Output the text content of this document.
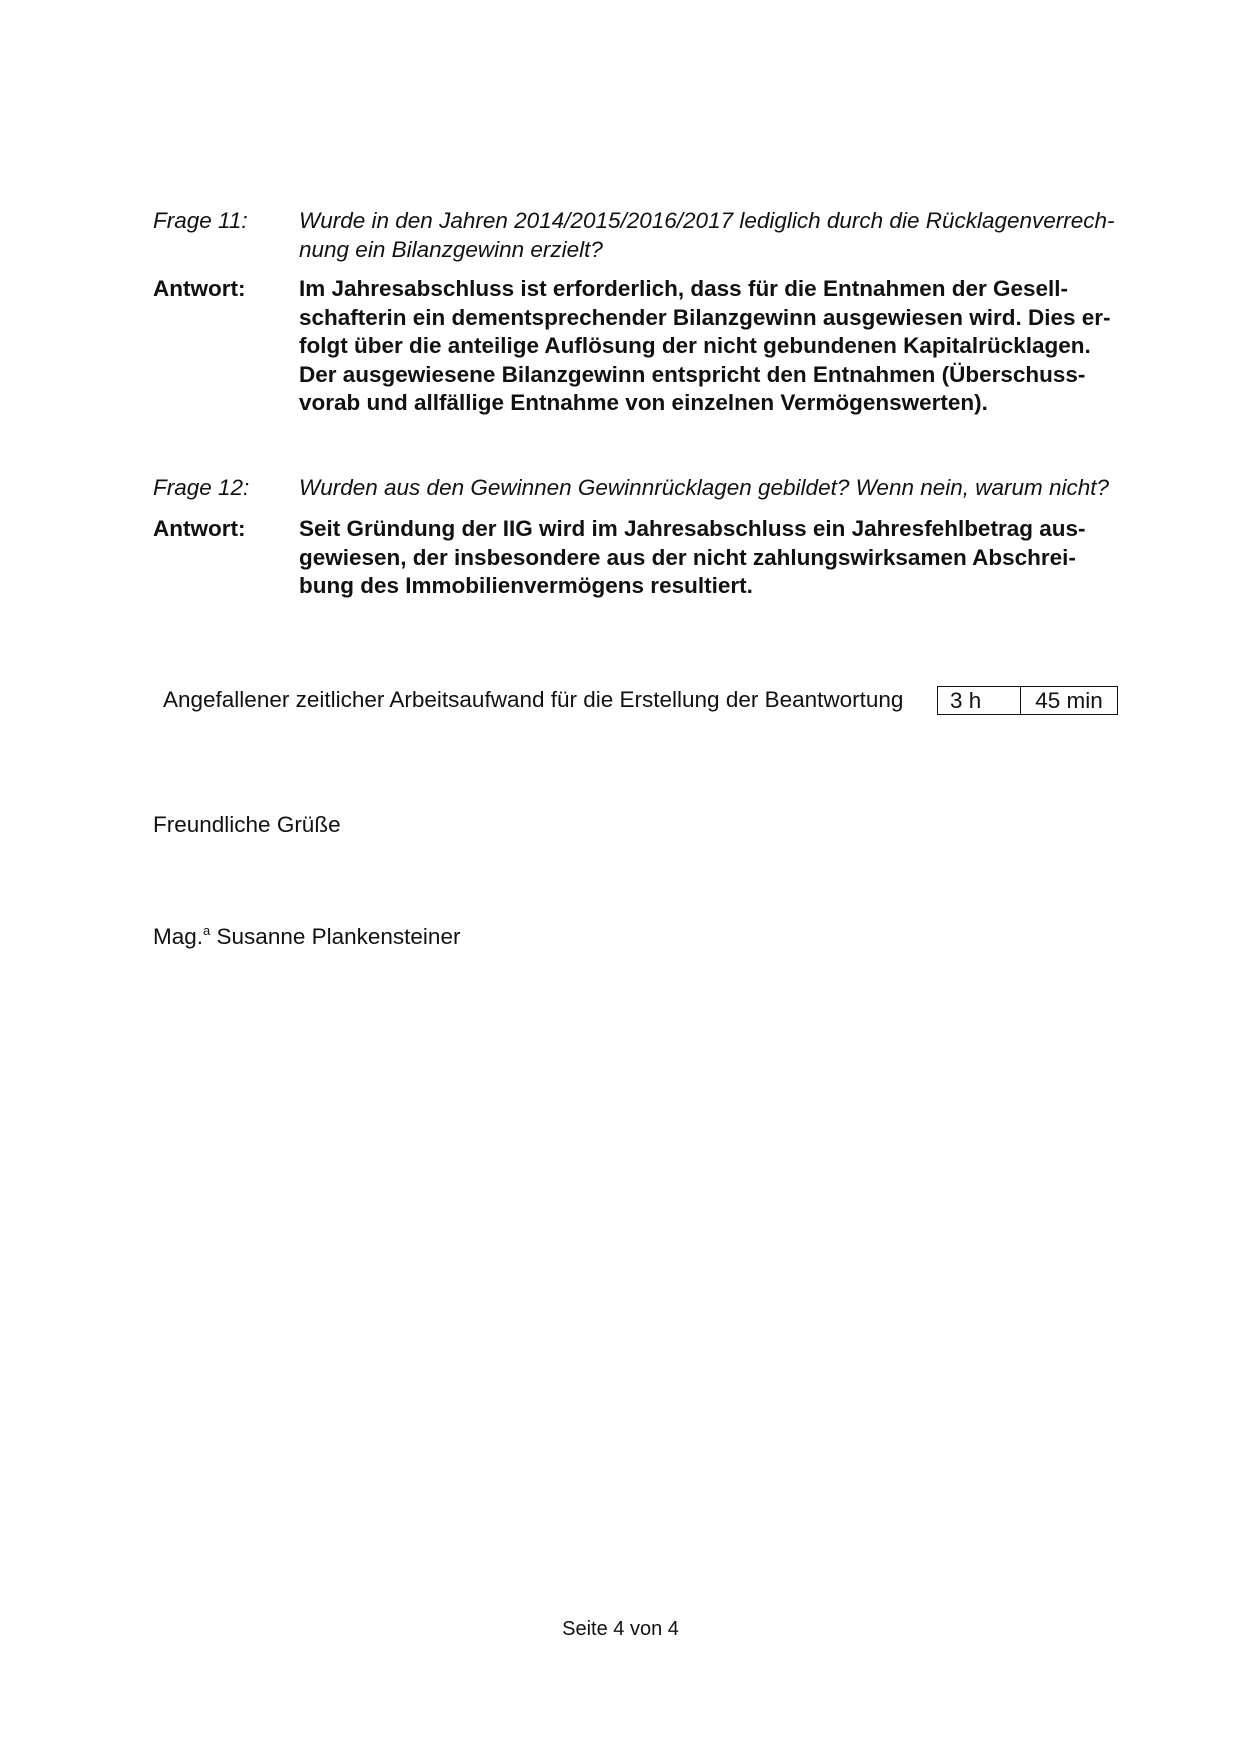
Frage 11:	Wurde in den Jahren 2014/2015/2016/2017 lediglich durch die Rücklagenverrech-
nung ein Bilanzgewinn erzielt?
Antwort:	Im Jahresabschluss ist erforderlich, dass für die Entnahmen der Gesell-
schafterin ein dementsprechender Bilanzgewinn ausgewiesen wird. Dies er-
folgt über die anteilige Auflösung der nicht gebundenen Kapitalrücklagen.
Der ausgewiesene Bilanzgewinn entspricht den Entnahmen (Überschuss-
vorab und allfällige Entnahme von einzelnen Vermögenswerten).
Frage 12:	Wurden aus den Gewinnen Gewinnrücklagen gebildet? Wenn nein, warum nicht?
Antwort:	Seit Gründung der IIG wird im Jahresabschluss ein Jahresfehlbetrag aus-
gewiesen, der insbesondere aus der nicht zahlungswirksamen Abschrei-
bung des Immobilienvermögens resultiert.
Angefallener zeitlicher Arbeitsaufwand für die Erstellung der Beantwortung	3 h	45 min
Freundliche Grüße
Mag.$^a$ Susanne Plankensteiner
Seite 4 von 4
